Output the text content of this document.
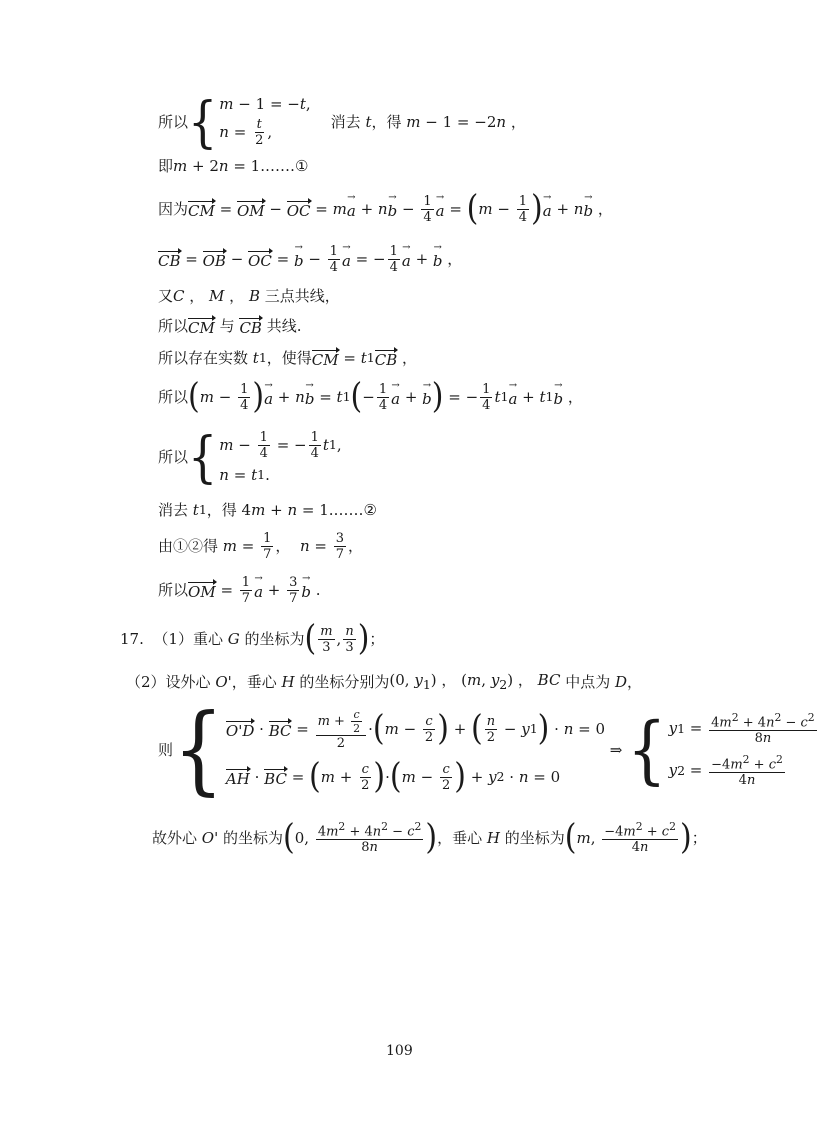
所以 { m − 1 = − t ,
$n = \frac{t}{2}$ ,
消去 t ，得 m − 1 = −2n ，
即 m + 2n = 1. …… ①
因为 CM = OM − OC = m
→ a + n
→ $b - \frac{1}{4}$
→ a = ( $m - \frac{1}{4}$ )
→ a + n
→ b ，
CB = OB − OC =
→ $b - \frac{1}{4}$
→ a = − $\frac{1}{4}$
→ a +
→ b ，
又 C ， M ， B
三点共线 ，
所以 CM
与
CB
共线.
所以存在实数 t 1 ，使得 CM = t 1 CB ，
所以 ( $m - \frac{1}{4}$ )
→ a + n
→ b = t 1 ( − $\frac{1}{4}$
→ a +
→ b ) = − $\frac{1}{4}$ t 1
→ a + t 1
→ b ，
所以 { $m - \frac{1}{4}$ = − $\frac{1}{4}$ t 1 ,
n = t 1 .
消去 t 1 ，得 4m + n = 1. …… ②
由①②得 $m = \frac{1}{7}$ ， $n = \frac{3}{7}$ ，
所以 OM = $\frac{1}{7}$
→ $a + \frac{3}{7}$
→ b .
17.
（1）重心 G 的坐标为 ( $\frac{m}{3}$ , $\frac{n}{3}$ ) ；
（2）设外心 O' ，垂心 H 的坐标分别为 (0, $y_1$) ， (m, $y_2$) ， BC 中点为 D ，
则 { O'D · BC = $\frac{m + \frac{c}{2}}{2}$ · ( $m - \frac{c}{2}$ ) + ( $\frac{n}{2} - y$ 1 ) · n = 0
AH · BC = ( $m + \frac{c}{2}$ ) · ( $m - \frac{c}{2}$ ) + y 2 · n = 0
⇒ { y $1 = \frac{4m^2 + 4n^2 - c^2}{8n}$
y $2 = \frac{-4m^2 + c^2}{4n}$
故外心 O' 的坐标为 ( 0, $\frac{4m^2 + 4n^2 - c^2}{8n}$ ) ，垂心 H 的坐标为 ( m , $\frac{-4m^2 + c^2}{4n}$ ) ；
109
